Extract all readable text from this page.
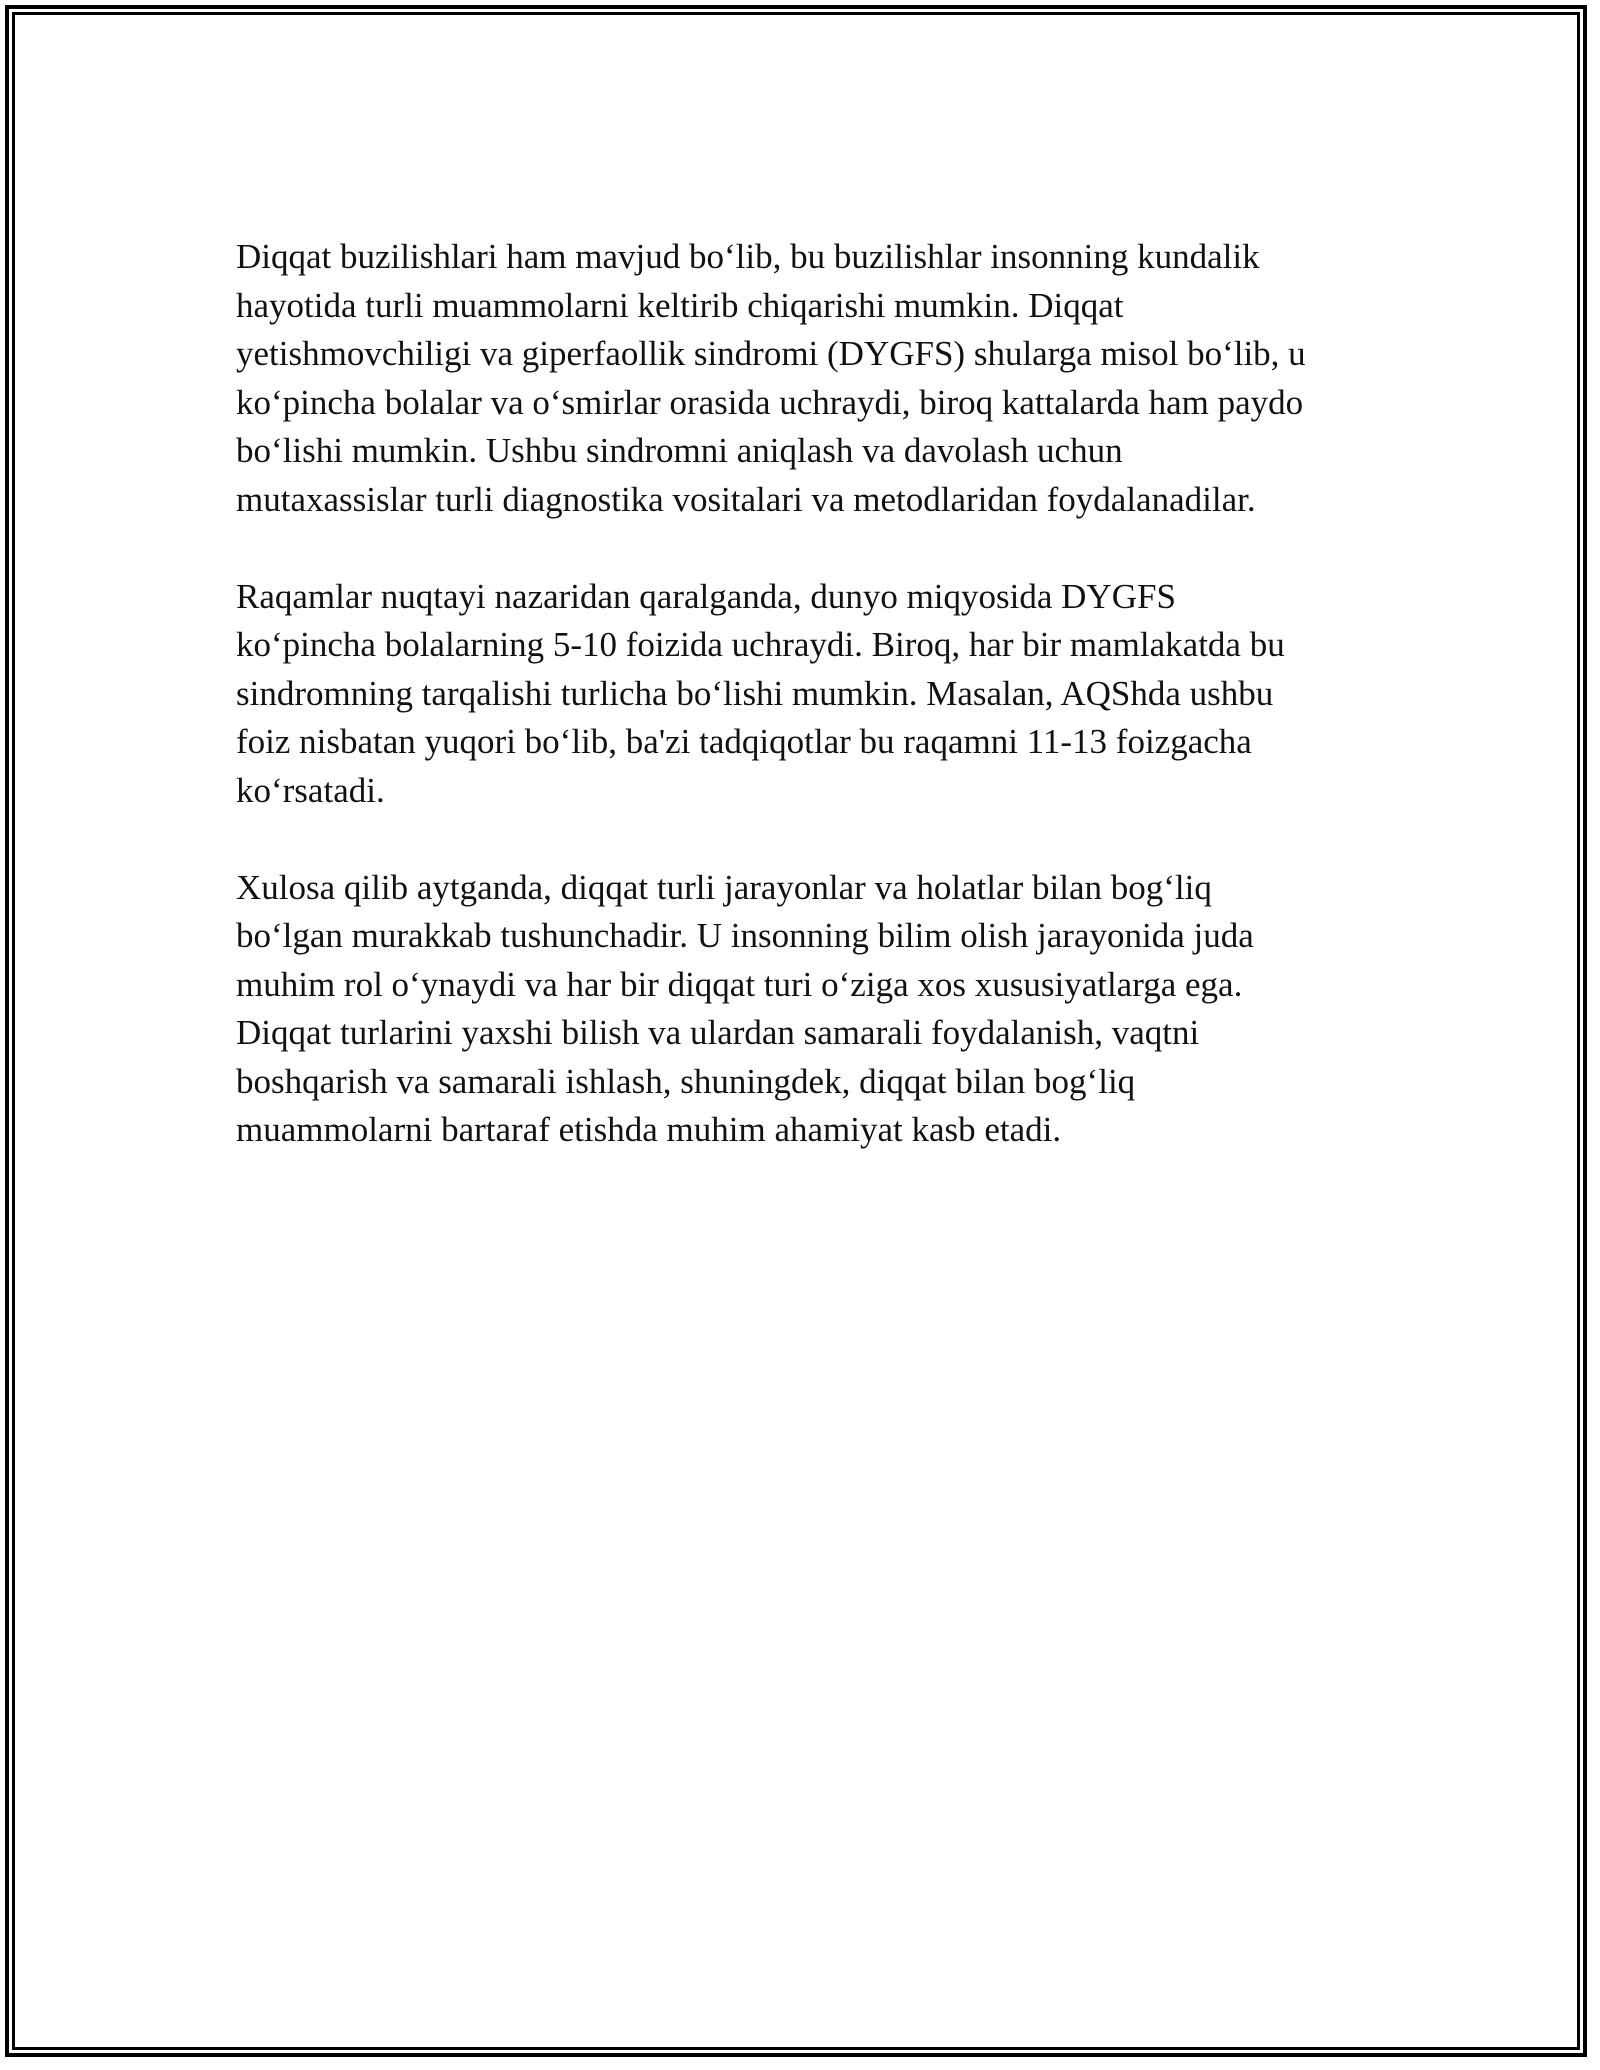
Diqqat buzilishlari ham mavjud bo‘lib, bu buzilishlar insonning kundalik
hayotida turli muammolarni keltirib chiqarishi mumkin. Diqqat
yetishmovchiligi va giperfaollik sindromi (DYGFS) shularga misol bo‘lib, u
ko‘pincha bolalar va o‘smirlar orasida uchraydi, biroq kattalarda ham paydo
bo‘lishi mumkin. Ushbu sindromni aniqlash va davolash uchun
mutaxassislar turli diagnostika vositalari va metodlaridan foydalanadilar.

Raqamlar nuqtayi nazaridan qaralganda, dunyo miqyosida DYGFS
ko‘pincha bolalarning 5-10 foizida uchraydi. Biroq, har bir mamlakatda bu
sindromning tarqalishi turlicha bo‘lishi mumkin. Masalan, AQShda ushbu
foiz nisbatan yuqori bo‘lib, ba'zi tadqiqotlar bu raqamni 11-13 foizgacha
ko‘rsatadi.

Xulosa qilib aytganda, diqqat turli jarayonlar va holatlar bilan bog‘liq
bo‘lgan murakkab tushunchadir. U insonning bilim olish jarayonida juda
muhim rol o‘ynaydi va har bir diqqat turi o‘ziga xos xususiyatlarga ega.
Diqqat turlarini yaxshi bilish va ulardan samarali foydalanish, vaqtni
boshqarish va samarali ishlash, shuningdek, diqqat bilan bog‘liq
muammolarni bartaraf etishda muhim ahamiyat kasb etadi.
